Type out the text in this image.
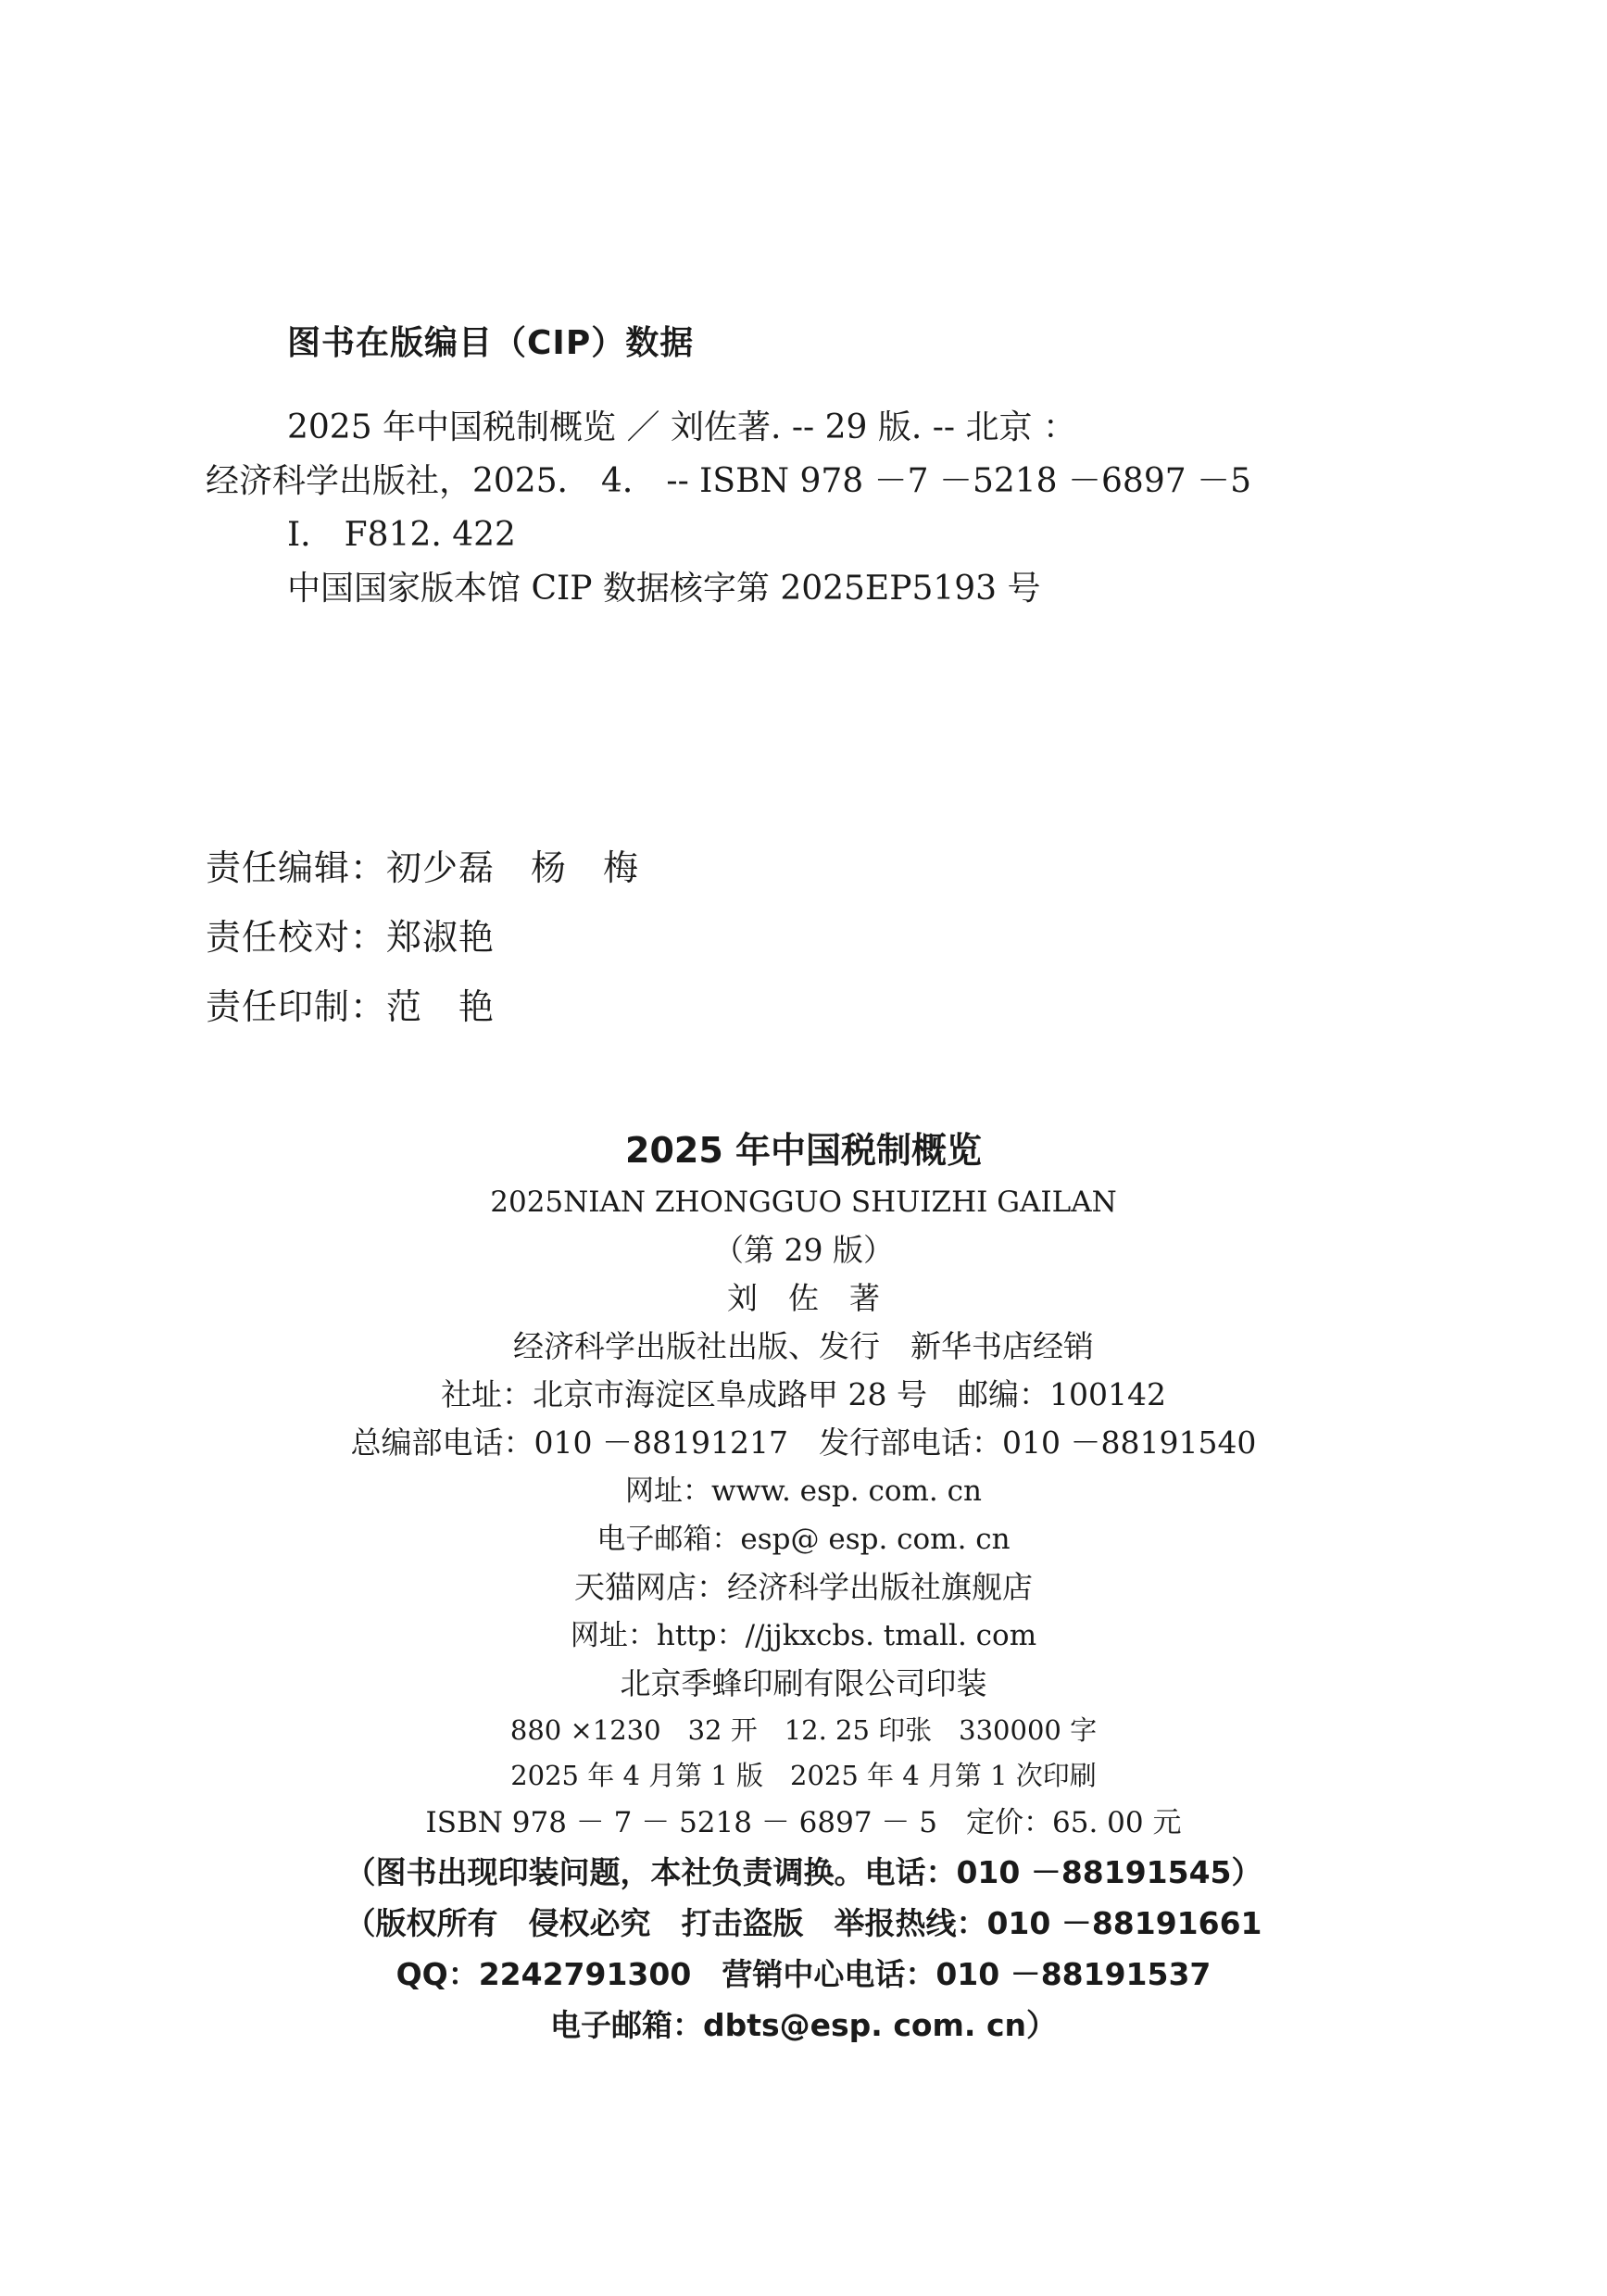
图书在版编目（CIP）数据
2025 年中国税制概览 ／ 刘佐著. -- 29 版. -- 北京 ：
经济科学出版社，2025． 4． -- ISBN 978 －7 －5218 －6897 －5
Ⅰ． F812. 422
中国国家版本馆 CIP 数据核字第 2025EP5193 号
责任编辑：初少磊　杨　梅
责任校对：郑淑艳
责任印制：范　艳
2025 年中国税制概览
2025NIAN ZHONGGUO SHUIZHI GAILAN
（第 29 版）
刘　佐　著
经济科学出版社出版、发行　新华书店经销
社址：北京市海淀区阜成路甲 28 号　邮编：100142
总编部电话：010 －88191217　发行部电话：010 －88191540
网址：www. esp. com. cn
电子邮箱：esp@ esp. com. cn
天猫网店：经济科学出版社旗舰店
网址：http：//jjkxcbs. tmall. com
北京季蜂印刷有限公司印装
880 ×1230　32 开　12. 25 印张　330000 字
2025 年 4 月第 1 版　2025 年 4 月第 1 次印刷
ISBN 978 － 7 － 5218 － 6897 － 5　定价：65. 00 元
（图书出现印装问题，本社负责调换。电话：010 －88191545）
（版权所有　侵权必究　打击盗版　举报热线：010 －88191661
QQ：2242791300　营销中心电话：010 －88191537
电子邮箱：dbts@esp. com. cn）
